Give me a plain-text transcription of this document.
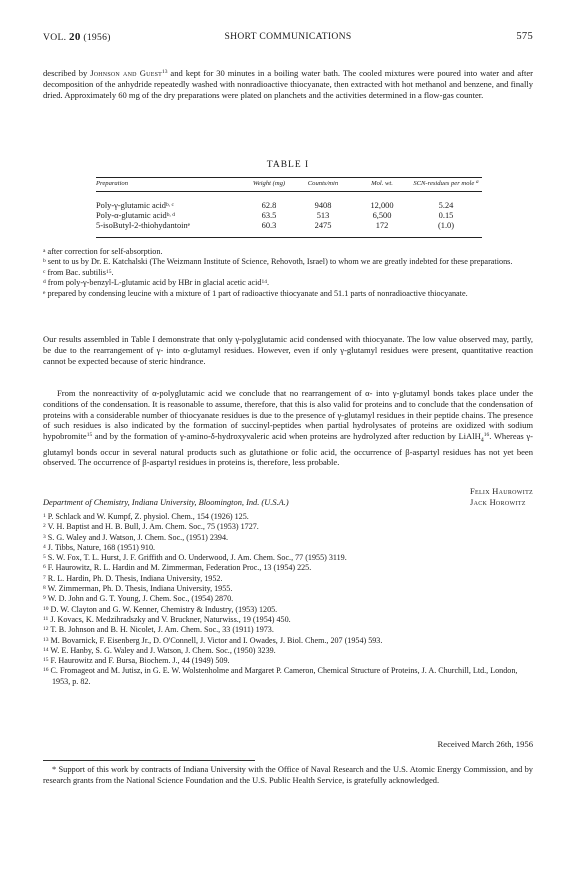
VOL. 20 (1956)	SHORT COMMUNICATIONS	575

described by Johnson and Guest$^{13}$ and kept for 30 minutes in a boiling water bath. The cooled mixtures were poured into water and after decomposition of the anhydride repeatedly washed with nonradioactive thiocyanate, then extracted with hot methanol and benzene, and finally dried. Approximately 60 mg of the dry preparations were plated on planchets and the activities determined in a flow-gas counter.

TABLE I
Preparation	Weight (mg)	Counts/min	Mol. wt.	SCN-residues per mole $^a$
Poly-γ-glutamic acid$^{b, c}$	62.8	9408	12,000	5.24
Poly-α-glutamic acid$^{b, d}$	63.5	513	6,500	0.15
5-isoButyl-2-thiohydantoin$^e$	60.3	2475	172	(1.0)

$^a$ after correction for self-absorption.

$^b$ sent to us by Dr. E. Katchalski (The Weizmann Institute of Science, Rehovoth, Israel) to whom we are greatly indebted for these preparations.

$^c$ from Bac. subtilis$^{15}$.

$^d$ from poly-γ-benzyl-L-glutamic acid by HBr in glacial acetic acid$^{14}$.

$^e$ prepared by condensing leucine with a mixture of 1 part of radioactive thiocyanate and 51.1 parts of nonradioactive thiocyanate.

Our results assembled in Table I demonstrate that only γ-polyglutamic acid condensed with thiocyanate. The low value observed may, partly, be due to the rearrangement of γ- into α-glutamyl residues. However, even if only γ-glutamyl residues were present, quantitative reaction cannot be expected because of steric hindrance.

From the nonreactivity of α-polyglutamic acid we conclude that no rearrangement of α- into γ-glutamyl bonds takes place under the conditions of the condensation. It is reasonable to assume, therefore, that this is also valid for proteins and to conclude that the condensation of proteins with a considerable number of thiocyanate residues is due to the presence of γ-glutamyl residues in their peptide chains. The presence of such residues is also indicated by the formation of succinyl-peptides when partial hydrolysates of proteins are oxidized with sodium hypobromite$^{15}$ and by the formation of γ-amino-δ-hydroxyvaleric acid when proteins are hydrolyzed after reduction by LiAlH$_4^{16}$. Whereas γ-glutamyl bonds occur in several natural products such as glutathione or folic acid, the occurrence of β-aspartyl residues has not yet been observed. The occurrence of β-aspartyl residues in proteins is, therefore, less probable.

Felix Haurowitz
Jack Horowitz
Department of Chemistry, Indiana University, Bloomington, Ind. (U.S.A.)

$^1$ P. Schlack and W. Kumpf, Z. physiol. Chem., 154 (1926) 125.

$^2$ V. H. Baptist and H. B. Bull, J. Am. Chem. Soc., 75 (1953) 1727.

$^3$ S. G. Waley and J. Watson, J. Chem. Soc., (1951) 2394.

$^4$ J. Tibbs, Nature, 168 (1951) 910.

$^5$ S. W. Fox, T. L. Hurst, J. F. Griffith and O. Underwood, J. Am. Chem. Soc., 77 (1955) 3119.

$^6$ F. Haurowitz, R. L. Hardin and M. Zimmerman, Federation Proc., 13 (1954) 225.

$^7$ R. L. Hardin, Ph. D. Thesis, Indiana University, 1952.

$^8$ W. Zimmerman, Ph. D. Thesis, Indiana University, 1955.

$^9$ W. D. John and G. T. Young, J. Chem. Soc., (1954) 2870.

$^{10}$ D. W. Clayton and G. W. Kenner, Chemistry & Industry, (1953) 1205.

$^{11}$ J. Kovacs, K. Medzihradszky and V. Bruckner, Naturwiss., 19 (1954) 450.

$^{12}$ T. B. Johnson and B. H. Nicolet, J. Am. Chem. Soc., 33 (1911) 1973.

$^{13}$ M. Bovarnick, F. Eisenberg Jr., D. O'Connell, J. Victor and I. Owades, J. Biol. Chem., 207 (1954) 593.

$^{14}$ W. E. Hanby, S. G. Waley and J. Watson, J. Chem. Soc., (1950) 3239.

$^{15}$ F. Haurowitz and F. Bursa, Biochem. J., 44 (1949) 509.

$^{16}$ C. Fromageot and M. Jutisz, in G. E. W. Wolstenholme and Margaret P. Cameron, Chemical Structure of Proteins, J. A. Churchill, Ltd., London, 1953, p. 82.

Received March 26th, 1956

* Support of this work by contracts of Indiana University with the Office of Naval Research and the U.S. Atomic Energy Commission, and by research grants from the National Science Foundation and the U.S. Public Health Service, is gratefully acknowledged.
